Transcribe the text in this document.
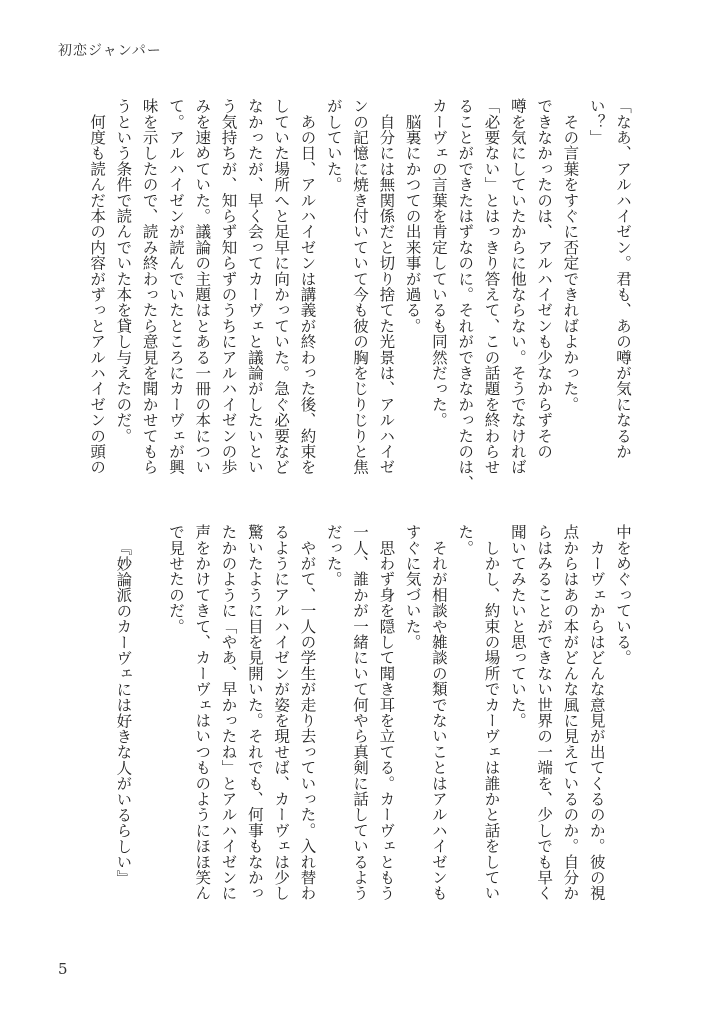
初恋ジャンパー
「なあ、アルハイゼン。君も、あの噂が気になるか
い？」
　その言葉をすぐに否定できればよかった。
できなかったのは、アルハイゼンも少なからずその
噂を気にしていたからに他ならない。そうでなければ
「必要ない」とはっきり答えて、この話題を終わらせ
ることができたはずなのに。それができなかったのは、
カーヴェの言葉を肯定しているも同然だった。
　脳裏にかつての出来事が過る。
　自分には無関係だと切り捨てた光景は、アルハイゼ
ンの記憶に焼き付いていて今も彼の胸をじりじりと焦
がしていた。
　あの日、アルハイゼンは講義が終わった後、約束を
していた場所へと足早に向かっていた。急ぐ必要など
なかったが、早く会ってカーヴェと議論がしたいとい
う気持ちが、知らず知らずのうちにアルハイゼンの歩
みを速めていた。議論の主題はとある一冊の本につい
て。アルハイゼンが読んでいたところにカーヴェが興
味を示したので、読み終わったら意見を聞かせてもら
うという条件で読んでいた本を貸し与えたのだ。
　何度も読んだ本の内容がずっとアルハイゼンの頭の
中をめぐっている。
　カーヴェからはどんな意見が出てくるのか。彼の視
点からはあの本がどんな風に見えているのか。自分か
らはみることができない世界の一端を、少しでも早く
聞いてみたいと思っていた。
　しかし、約束の場所でカーヴェは誰かと話をしてい
た。
　それが相談や雑談の類でないことはアルハイゼンも
すぐに気づいた。
　思わず身を隠して聞き耳を立てる。カーヴェともう
一人、誰かが一緒にいて何やら真剣に話しているよう
だった。
　やがて、一人の学生が走り去っていった。入れ替わ
るようにアルハイゼンが姿を現せば、カーヴェは少し
驚いたように目を見開いた。それでも、何事もなかっ
たかのように「やあ、早かったね」とアルハイゼンに
声をかけてきて、カーヴェはいつものようにほほ笑ん
で見せたのだ。
『妙論派のカーヴェには好きな人がいるらしい』
5
